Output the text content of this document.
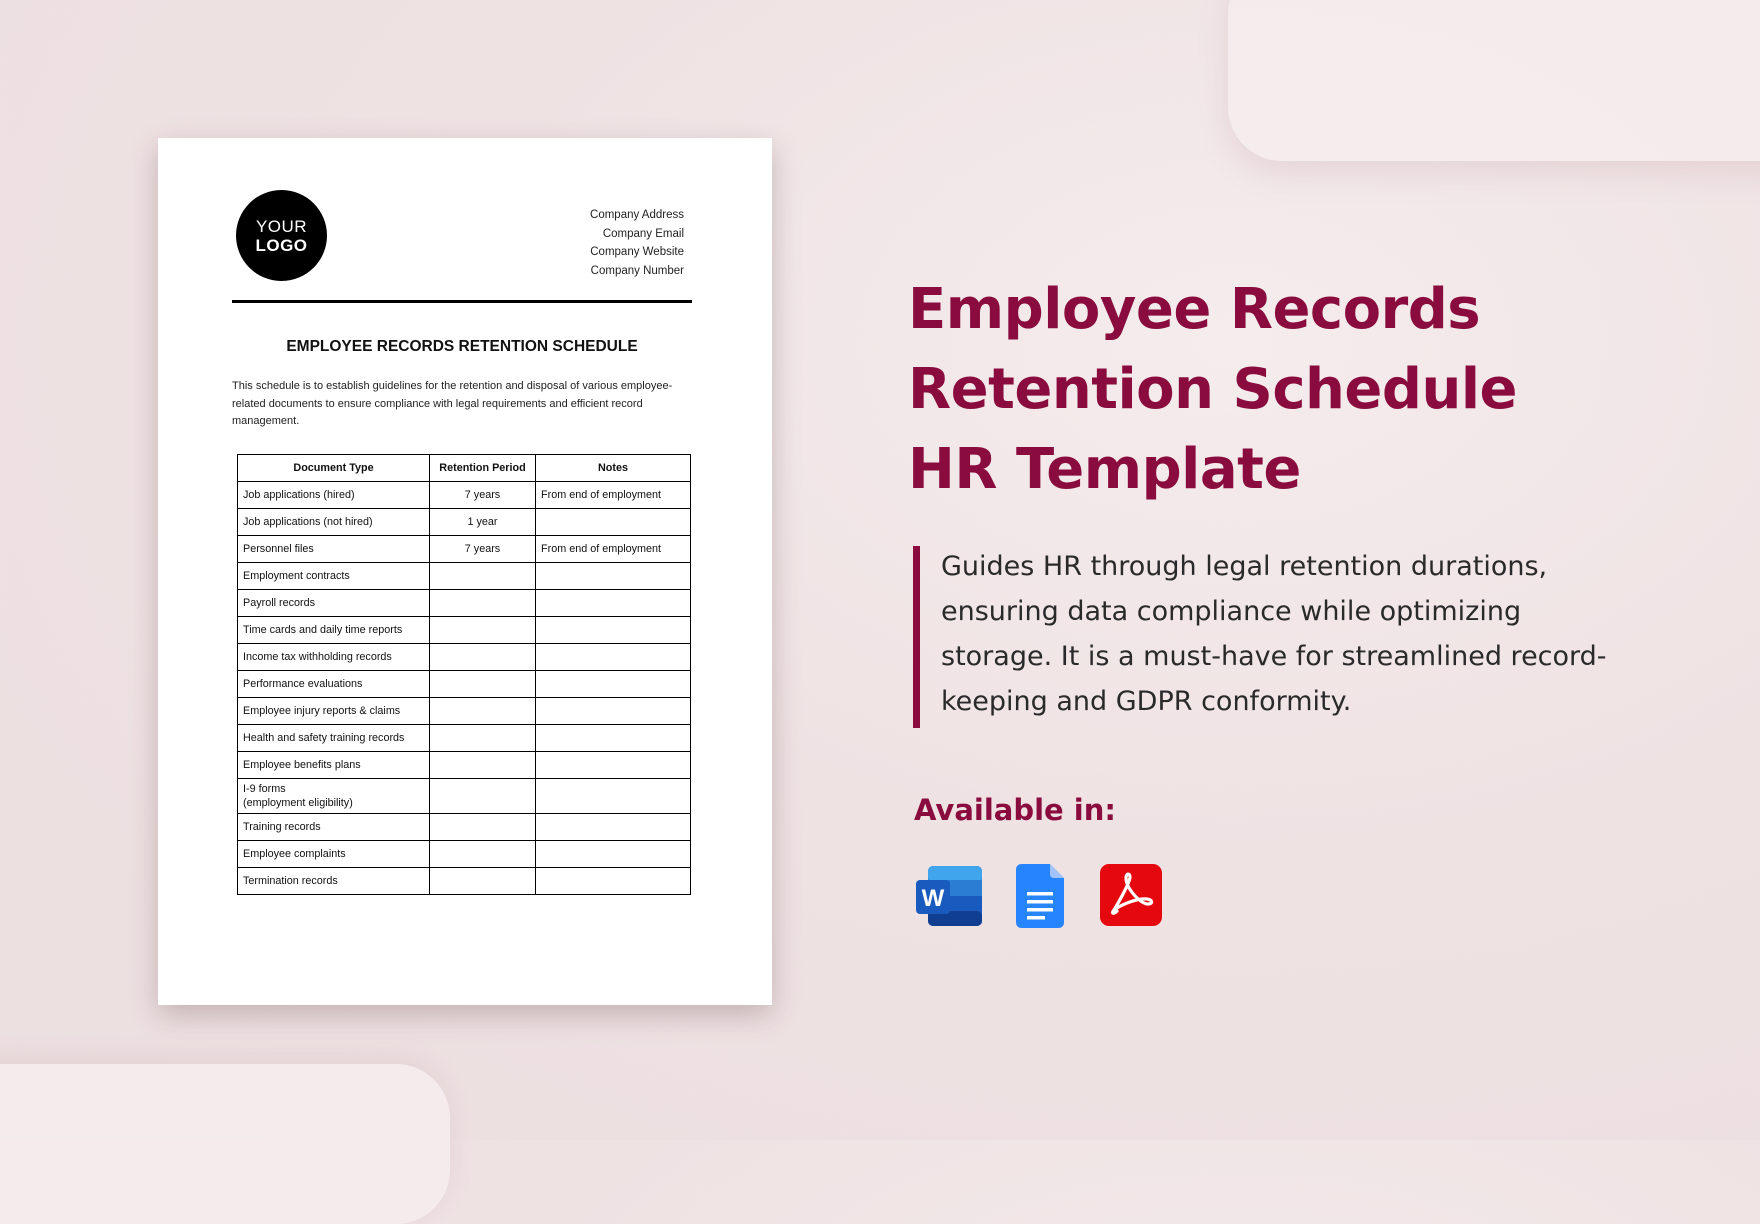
YOUR
LOGO
Company Address
Company Email
Company Website
Company Number
EMPLOYEE RECORDS RETENTION SCHEDULE
This schedule is to establish guidelines for the retention and disposal of various employee-related documents to ensure compliance with legal requirements and efficient record management.
Document Type	Retention Period	Notes
Job applications (hired)	7 years	From end of employment
Job applications (not hired)	1 year	
Personnel files	7 years	From end of employment
Employment contracts		
Payroll records		
Time cards and daily time reports		
Income tax withholding records		
Performance evaluations		
Employee injury reports & claims		
Health and safety training records		
Employee benefits plans		
I-9 forms
(employment eligibility)		
Training records		
Employee complaints		
Termination records		
Employee Records
Retention Schedule
HR Template
Guides HR through legal retention durations, ensuring data compliance while optimizing storage. It is a must-have for streamlined record-keeping and GDPR conformity.
Available in:
W
